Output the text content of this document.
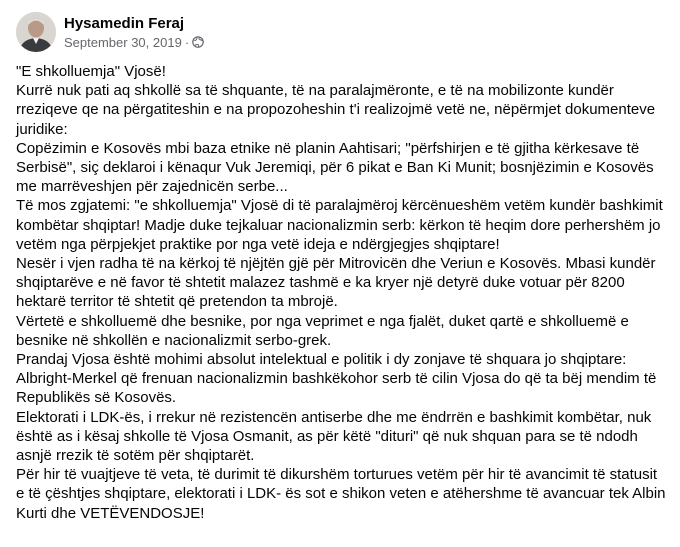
Hysamedin Feraj
September 30, 2019 ·

"E shkolluemja" Vjosë!

Kurrë nuk pati aq shkollë sa të shquante, të na paralajmëronte, e të na mobilizonte kundër

rreziqeve qe na përgatiteshin e na propozoheshin t'i realizojmë vetë ne, nëpërmjet dokumenteve

juridike:

Copëzimin e Kosovës mbi baza etnike në planin Aahtisari; "përfshirjen e të gjitha kërkesave të

Serbisë", siç deklaroi i kënaqur Vuk Jeremiqi, për 6 pikat e Ban Ki Munit; bosnjëzimin e Kosovës

me marrëveshjen për zajednicën serbe...

Të mos zgjatemi: "e shkolluemja" Vjosë di të paralajmëroj kërcënueshëm vetëm kundër bashkimit

kombëtar shqiptar! Madje duke tejkaluar nacionalizmin serb: kërkon të heqim dore perhershëm jo

vetëm nga përpjekjet praktike por nga vetë ideja e ndërgjegjes shqiptare!

Nesër i vjen radha të na kërkoj të njëjtën gjë për Mitrovicën dhe Veriun e Kosovës. Mbasi kundër

shqiptarëve e në favor të shtetit malazez tashmë e ka kryer një detyrë duke votuar për 8200

hektarë territor të shtetit që pretendon ta mbrojë.

Vërtetë e shkolluemë dhe besnike, por nga veprimet e nga fjalët, duket qartë e shkolluemë e

besnike në shkollën e nacionalizmit serbo-grek.

Prandaj Vjosa është mohimi absolut intelektual e politik i dy zonjave të shquara jo shqiptare:

Albright-Merkel që frenuan nacionalizmin bashkëkohor serb të cilin Vjosa do që ta bëj mendim të

Republikës së Kosovës.

Elektorati i LDK-ës, i rrekur në rezistencën antiserbe dhe me ëndrrën e bashkimit kombëtar, nuk

është as i kësaj shkolle të Vjosa Osmanit, as për këtë "dituri" që nuk shquan para se të ndodh

asnjë rrezik të sotëm për shqiptarët.

Për hir të vuajtjeve të veta, të durimit të dikurshëm torturues vetëm për hir të avancimit të statusit

e të çështjes shqiptare, elektorati i LDK- ës sot e shikon veten e atëhershme të avancuar tek Albin

Kurti dhe VETËVENDOSJE!
